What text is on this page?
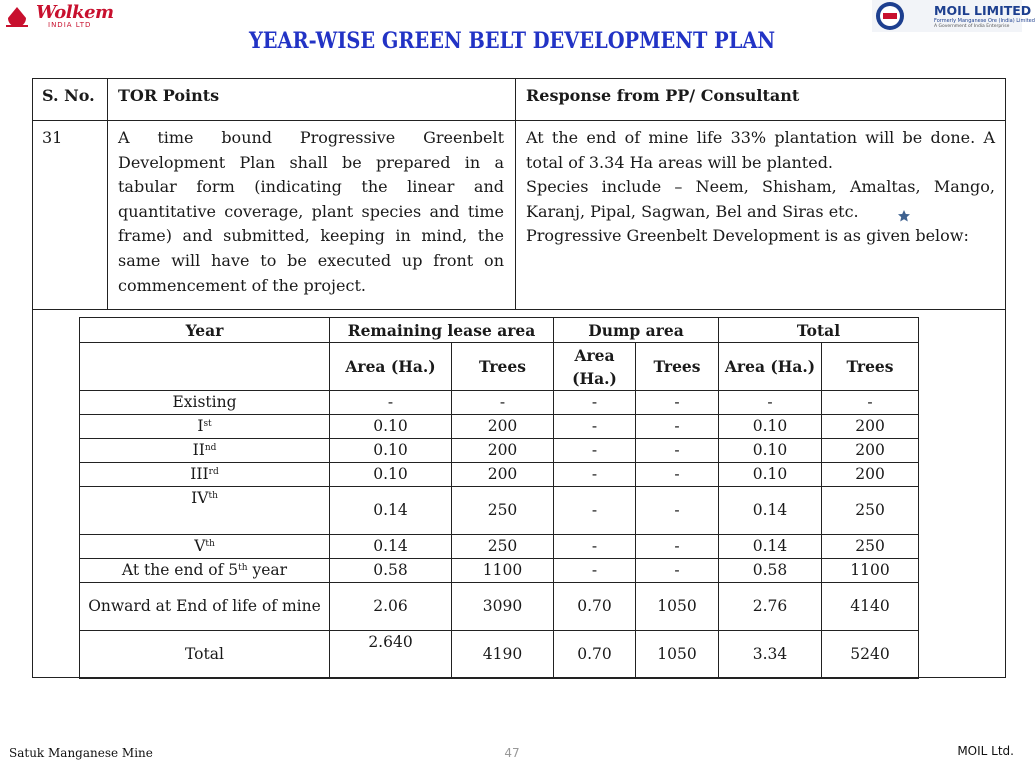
Wolkem
INDIA LTD
MOIL LIMITED
Formerly Manganese Ore (India) Limited
A Government of India Enterprise
YEAR-WISE GREEN BELT DEVELOPMENT PLAN
S. No.	TOR Points	Response from PP/ Consultant
31	A time bound Progressive Greenbelt Development Plan shall be prepared in a tabular form (indicating the linear and quantitative coverage, plant species and time frame) and submitted, keeping in mind, the same will have to be executed up front on commencement of the project.
At the end of mine life 33% plantation will be done. A total of 3.34 Ha areas will be planted.
Species include – Neem, Shisham, Amaltas, Mango, Karanj, Pipal, Sagwan, Bel and Siras etc.
Progressive Greenbelt Development is as given below:
Year	Remaining lease area		Dump area		Total	
	Area (Ha.)	Trees	Area (Ha.)	Trees	Area (Ha.)	Trees
Existing	-	-	-	-	-	-
Ist	0.10	200	-	-	0.10	200
IInd	0.10	200	-	-	0.10	200
IIIrd	0.10	200	-	-	0.10	200
IVth	0.14	250	-	-	0.14	250
Vth	0.14	250	-	-	0.14	250
At the end of 5th year	0.58	1100	-	-	0.58	1100
Onward at End of life of mine	2.06	3090	0.70	1050	2.76	4140
Total	2.640	4190	0.70	1050	3.34	5240
Satuk Manganese Mine	47	MOIL Ltd.
